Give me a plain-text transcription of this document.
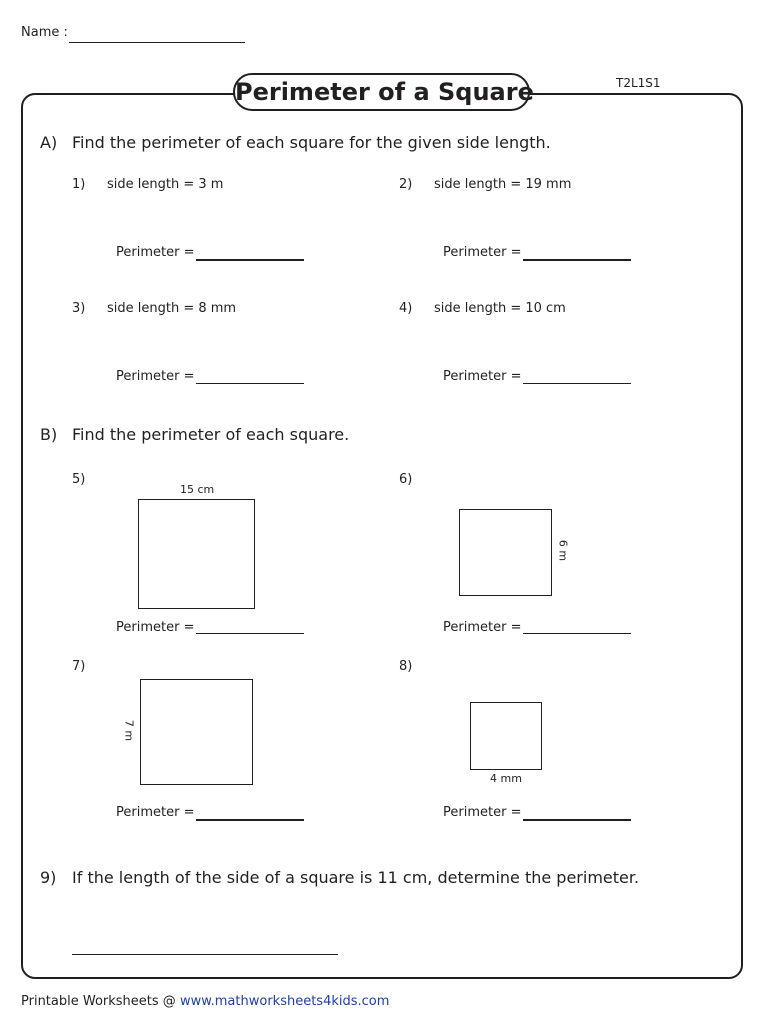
Name :
T2L1S1
Perimeter of a Square
A) Find the perimeter of each square for the given side length.
1) side length = 3 m
Perimeter =
2) side length = 19 mm
Perimeter =
3) side length = 8 mm
Perimeter =
4) side length = 10 cm
Perimeter =
B) Find the perimeter of each square.
5)
15 cm
Perimeter =
6)
6 m
Perimeter =
7)
7 m
Perimeter =
8)
4 mm
Perimeter =
9) If the length of the side of a square is 11 cm, determine the perimeter.
Printable Worksheets @ www.mathworksheets4kids.com
